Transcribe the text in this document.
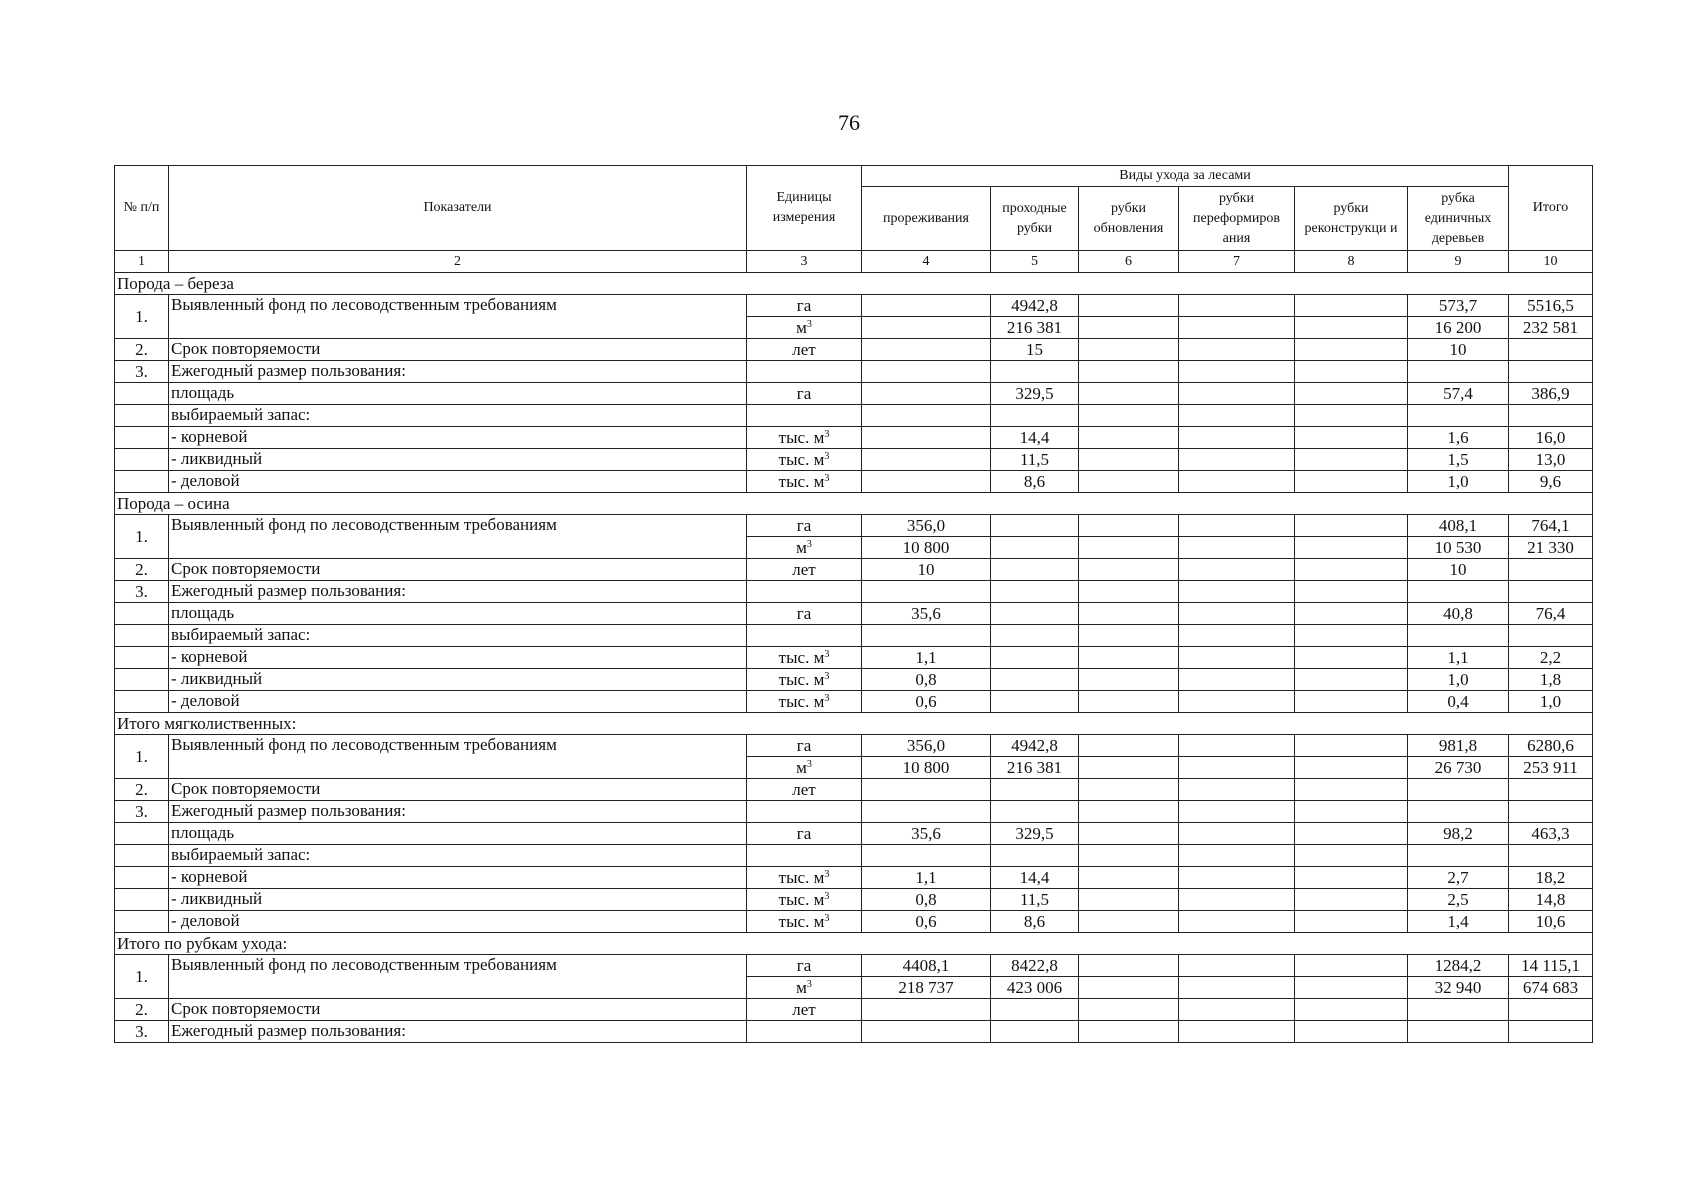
76
№ п/п	Показатели	Единицы измерения	Виды ухода за лесами						Итого
			прореживания	проходные рубки	рубки обновления	рубки переформиров ания	рубки реконструкци и	рубка единичных деревьев	
1	2	3	4	5	6	7	8	9	10
Порода – береза									
1.	Выявленный фонд по лесоводственным требованиям	га		4942,8				573,7	5516,5
		$м^3$		216 381				16 200	232 581
2.	Срок повторяемости	лет		15				10	
3.	Ежегодный размер пользования:								
	площадь	га		329,5				57,4	386,9
	выбираемый запас:								
	- корневой	тыс. $м^3$		14,4				1,6	16,0
	- ликвидный	тыс. $м^3$		11,5				1,5	13,0
	- деловой	тыс. $м^3$		8,6				1,0	9,6
Порода – осина									
1.	Выявленный фонд по лесоводственным требованиям	га	356,0					408,1	764,1
		$м^3$	10 800					10 530	21 330
2.	Срок повторяемости	лет	10					10	
3.	Ежегодный размер пользования:								
	площадь	га	35,6					40,8	76,4
	выбираемый запас:								
	- корневой	тыс. $м^3$	1,1					1,1	2,2
	- ликвидный	тыс. $м^3$	0,8					1,0	1,8
	- деловой	тыс. $м^3$	0,6					0,4	1,0
Итого мягколиственных:									
1.	Выявленный фонд по лесоводственным требованиям	га	356,0	4942,8				981,8	6280,6
		$м^3$	10 800	216 381				26 730	253 911
2.	Срок повторяемости	лет							
3.	Ежегодный размер пользования:								
	площадь	га	35,6	329,5				98,2	463,3
	выбираемый запас:								
	- корневой	тыс. $м^3$	1,1	14,4				2,7	18,2
	- ликвидный	тыс. $м^3$	0,8	11,5				2,5	14,8
	- деловой	тыс. $м^3$	0,6	8,6				1,4	10,6
Итого по рубкам ухода:									
1.	Выявленный фонд по лесоводственным требованиям	га	4408,1	8422,8				1284,2	14 115,1
		$м^3$	218 737	423 006				32 940	674 683
2.	Срок повторяемости	лет							
3.	Ежегодный размер пользования:								
